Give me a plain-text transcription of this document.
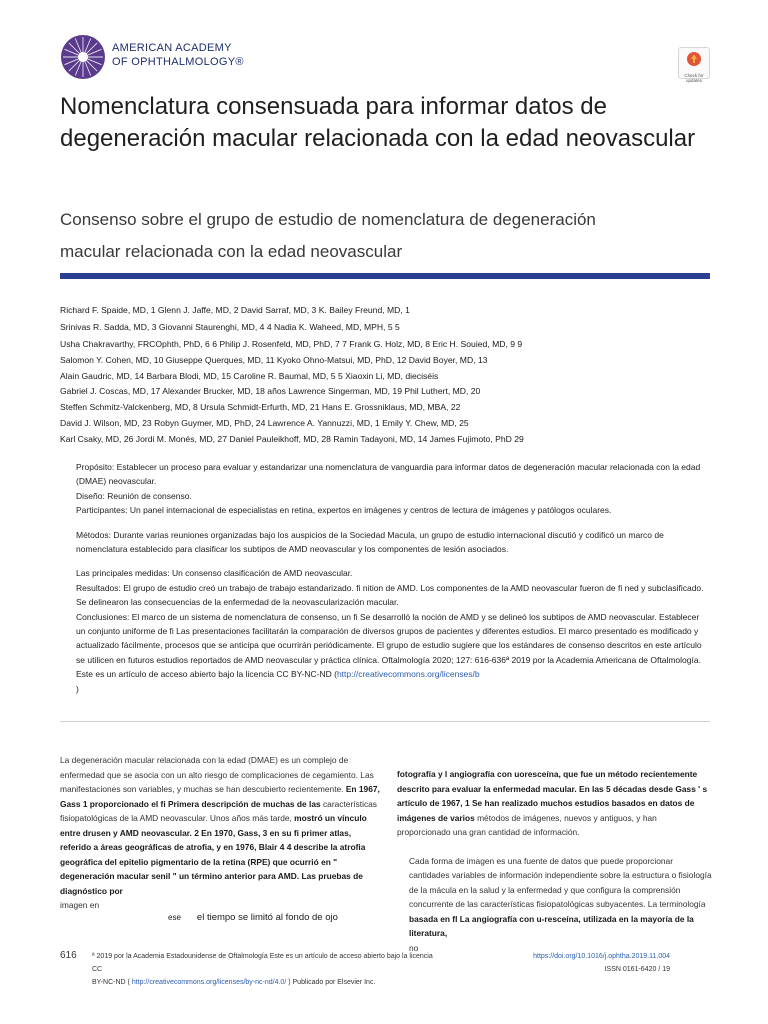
AMERICAN ACADEMY
OF OPHTHALMOLOGY®
Check for updates
Nomenclatura consensuada para informar datos de
degeneración macular relacionada con la edad neovascular
Consenso sobre el grupo de estudio de nomenclatura de degeneración
macular relacionada con la edad neovascular
Richard F. Spaide, MD, 1 Glenn J. Jaffe, MD, 2 David Sarraf, MD, 3 K. Bailey Freund, MD, 1
Srinivas R. Sadda, MD, 3 Giovanni Staurenghi, MD, 4 4 Nadia K. Waheed, MD, MPH, 5 5
Usha Chakravarthy, FRCOphth, PhD, 6 6 Philip J. Rosenfeld, MD, PhD, 7 7 Frank G. Holz, MD, 8 Eric H. Souied, MD, 9 9
Salomon Y. Cohen, MD, 10 Giuseppe Querques, MD, 11 Kyoko Ohno-Matsui, MD, PhD, 12 David Boyer, MD, 13
Alain Gaudric, MD, 14 Barbara Blodi, MD, 15 Caroline R. Baumal, MD, 5 5 Xiaoxin Li, MD, dieciséis
Gabriel J. Coscas, MD, 17 Alexander Brucker, MD, 18 años Lawrence Singerman, MD, 19 Phil Luthert, MD, 20
Steffen Schmitz-Valckenberg, MD, 8 Ursula Schmidt-Erfurth, MD, 21 Hans E. Grossniklaus, MD, MBA, 22
David J. Wilson, MD, 23 Robyn Guymer, MD, PhD, 24 Lawrence A. Yannuzzi, MD, 1 Emily Y. Chew, MD, 25
Karl Csaky, MD, 26 Jordi M. Monés, MD, 27 Daniel Pauleikhoff, MD, 28 Ramin Tadayoni, MD, 14 James Fujimoto, PhD 29

Propósito: Establecer un proceso para evaluar y estandarizar una nomenclatura de vanguardia para informar datos de degeneración macular relacionada con la edad (DMAE) neovascular.

Diseño: Reunión de consenso.

Participantes: Un panel internacional de especialistas en retina, expertos en imágenes y centros de lectura de imágenes y patólogos oculares.

Métodos: Durante varias reuniones organizadas bajo los auspicios de la Sociedad Macula, un grupo de estudio internacional discutió y codificó un marco de nomenclatura establecido para clasificar los subtipos de AMD neovascular y los componentes de lesión asociados.

Las principales medidas: Un consenso clasificación de AMD neovascular.

Resultados: El grupo de estudio creó un trabajo de trabajo estandarizado. fi nition de AMD. Los componentes de la AMD neovascular fueron de fi ned y subclasificado. Se delinearon las consecuencias de la enfermedad de la neovascularización macular.

Conclusiones: El marco de un sistema de nomenclatura de consenso, un fi Se desarrolló la noción de AMD y se delineó los subtipos de AMD neovascular. Establecer un conjunto uniforme de fi Las presentaciones facilitarán la comparación de diversos grupos de pacientes y diferentes estudios. El marco presentado es modificado y actualizado fácilmente, procesos que se anticipa que ocurrirán periódicamente. El grupo de estudio sugiere que los estándares de consenso descritos en este artículo se utilicen en futuros estudios reportados de AMD neovascular y práctica clínica. Oftalmología 2020; 127: 616-636ª 2019 por la Academia Americana de Oftalmología. Este es un artículo de acceso abierto bajo la licencia CC BY-NC-ND (http://creativecommons.org/licenses/b
)

La degeneración macular relacionada con la edad (DMAE) es un complejo de enfermedad que se asocia con un alto riesgo de complicaciones de cegamiento. Las manifestaciones son variables, y muchas se han descubierto recientemente. En 1967, Gass 1 proporcionado el fi Primera descripción de muchas de las características fisiopatológicas de la AMD neovascular. Unos años más tarde, mostró un vínculo entre drusen y AMD neovascular. 2 En 1970, Gass, 3 en su fi primer atlas, referido a áreas geográficas de atrofia, y en 1976, Blair 4 4 describe la atrofia geográfica del epitelio pigmentario de la retina (RPE) que ocurrió en " degeneración macular senil " un término anterior para AMD. Las pruebas de diagnóstico por
imagen en
ese el tiempo se limitó al fondo de ojo
fotografía y l angiografía con uoresceína, que fue un método recientemente descrito para evaluar la enfermedad macular. En las 5 décadas desde Gass ' s artículo de 1967, 1 Se han realizado muchos estudios basados en datos de imágenes de varios métodos de imágenes, nuevos y antiguos, y han proporcionado una gran cantidad de información.
Cada forma de imagen es una fuente de datos que puede proporcionar cantidades variables de información independiente sobre la estructura o fisiología de la mácula en la salud y la enfermedad y que configura la comprensión concurrente de las características fisiopatológicas subyacentes. La terminología basada en fl La angiografía con u-resceína, utilizada en la mayoría de la literatura,
no
616 ª 2019 por la Academia Estadounidense de Oftalmología Este es un artículo de acceso abierto bajo la licencia CC
BY-NC-ND ( http://creativecommons.org/licenses/by-nc-nd/4.0/ ) Publicado por Elsevier Inc.
https://doi.org/10.1016/j.ophtha.2019.11.004
ISSN 0161-6420 / 19
